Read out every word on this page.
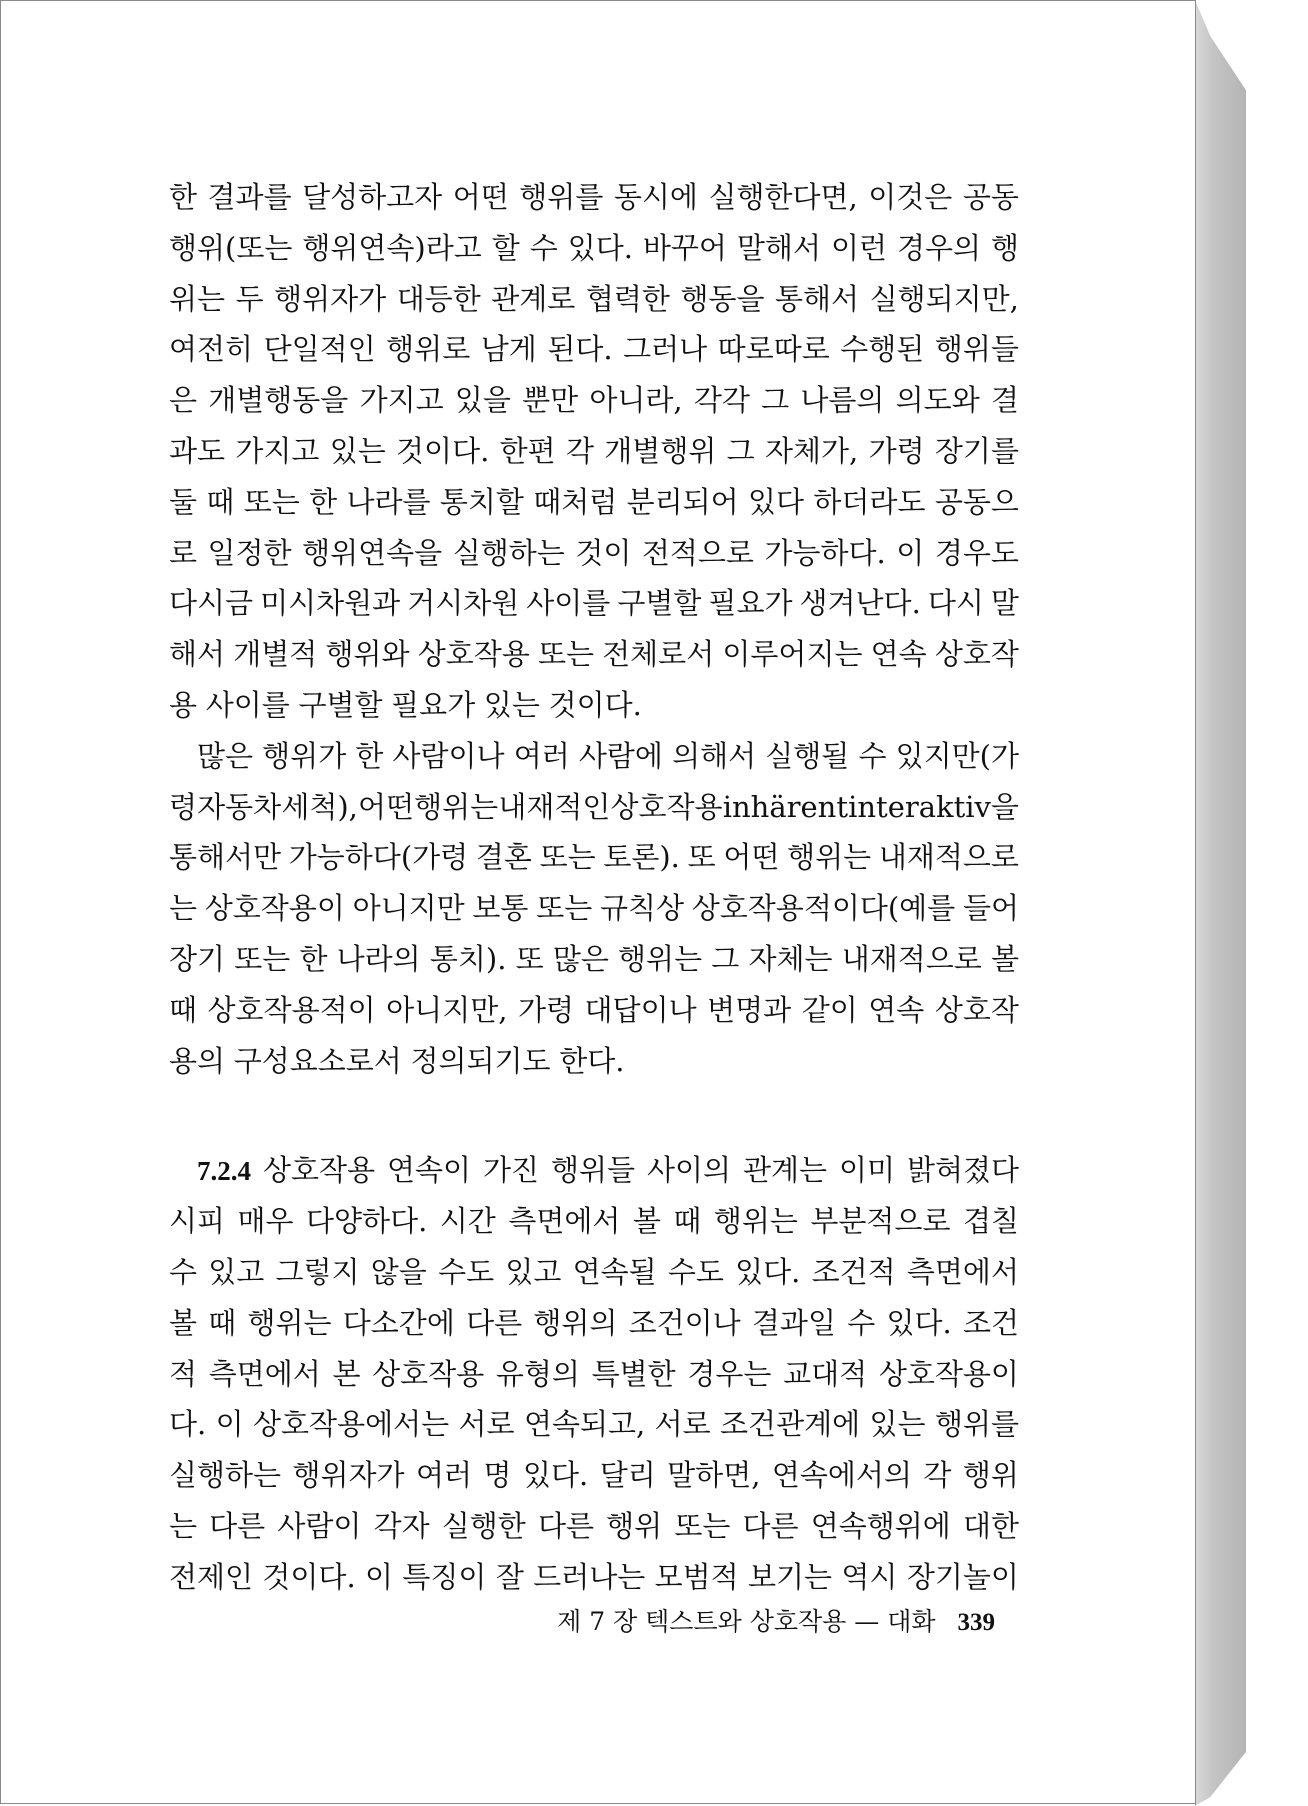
한 결과를 달성하고자 어떤 행위를 동시에 실행한다면, 이것은 공동
행위(또는 행위연속)라고 할 수 있다. 바꾸어 말해서 이런 경우의 행
위는 두 행위자가 대등한 관계로 협력한 행동을 통해서 실행되지만,
여전히 단일적인 행위로 남게 된다. 그러나 따로따로 수행된 행위들
은 개별행동을 가지고 있을 뿐만 아니라, 각각 그 나름의 의도와 결
과도 가지고 있는 것이다. 한편 각 개별행위 그 자체가, 가령 장기를
둘 때 또는 한 나라를 통치할 때처럼 분리되어 있다 하더라도 공동으
로 일정한 행위연속을 실행하는 것이 전적으로 가능하다. 이 경우도
다시금 미시차원과 거시차원 사이를 구별할 필요가 생겨난다. 다시 말
해서 개별적 행위와 상호작용 또는 전체로서 이루어지는 연속 상호작
용 사이를 구별할 필요가 있는 것이다.
많은 행위가 한 사람이나 여러 사람에 의해서 실행될 수 있지만(가
령 자동차 세척), 어떤 행위는 내재적인 상호작용 inhärent interaktiv을
통해서만 가능하다(가령 결혼 또는 토론). 또 어떤 행위는 내재적으로
는 상호작용이 아니지만 보통 또는 규칙상 상호작용적이다(예를 들어
장기 또는 한 나라의 통치). 또 많은 행위는 그 자체는 내재적으로 볼
때 상호작용적이 아니지만, 가령 대답이나 변명과 같이 연속 상호작
용의 구성요소로서 정의되기도 한다.
7.2.4 상호작용 연속이 가진 행위들 사이의 관계는 이미 밝혀졌다
시피 매우 다양하다. 시간 측면에서 볼 때 행위는 부분적으로 겹칠
수 있고 그렇지 않을 수도 있고 연속될 수도 있다. 조건적 측면에서
볼 때 행위는 다소간에 다른 행위의 조건이나 결과일 수 있다. 조건
적 측면에서 본 상호작용 유형의 특별한 경우는 교대적 상호작용이
다. 이 상호작용에서는 서로 연속되고, 서로 조건관계에 있는 행위를
실행하는 행위자가 여러 명 있다. 달리 말하면, 연속에서의 각 행위
는 다른 사람이 각자 실행한 다른 행위 또는 다른 연속행위에 대한
전제인 것이다. 이 특징이 잘 드러나는 모범적 보기는 역시 장기놀이
제 7 장 텍스트와 상호작용 — 대화 339
